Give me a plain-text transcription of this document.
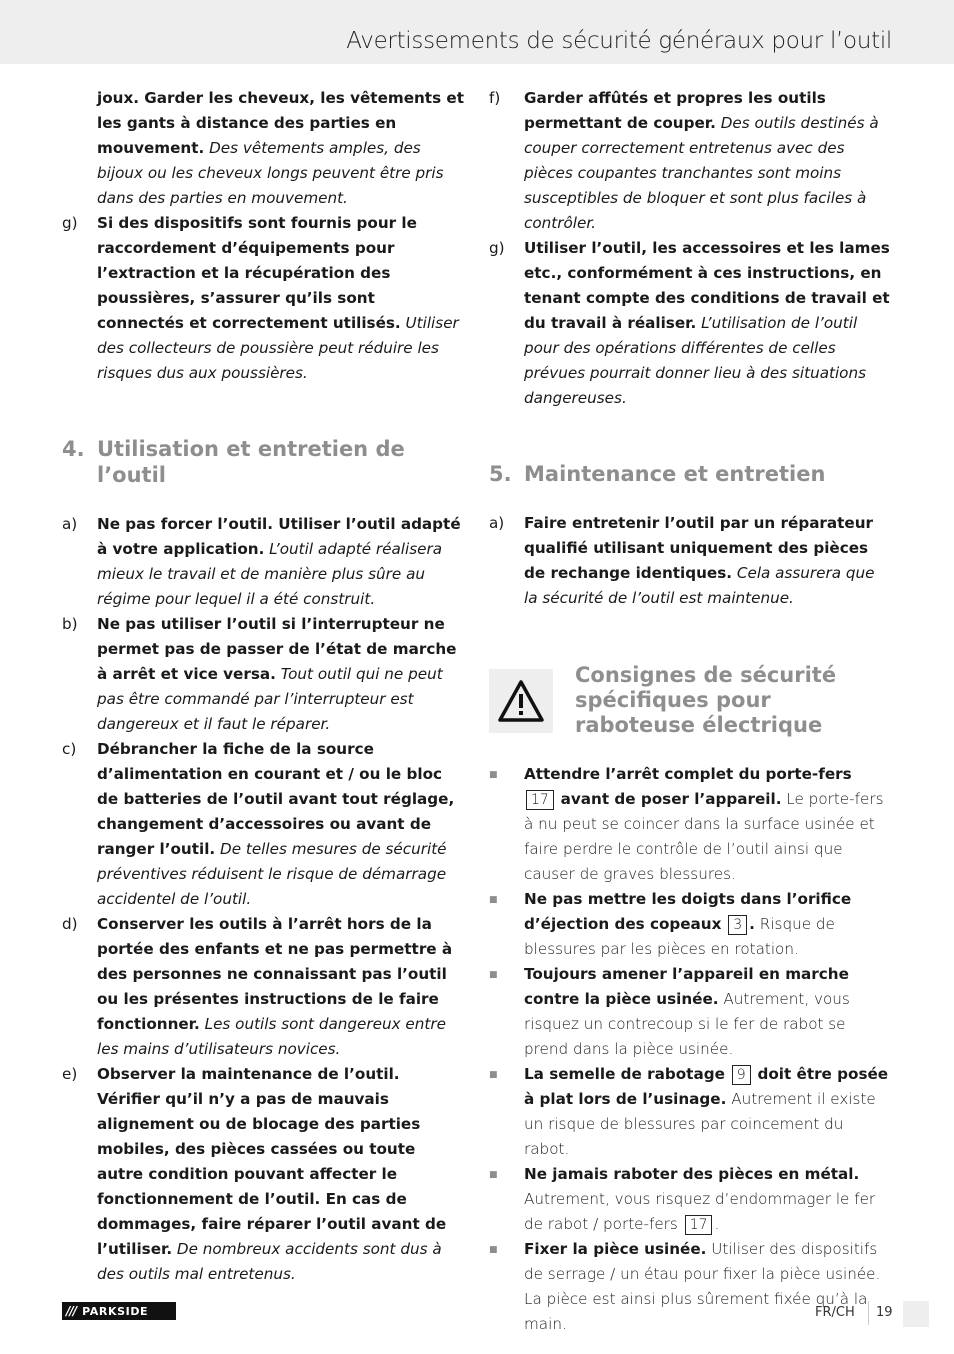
Avertissements de sécurité généraux pour l’outil
joux. Garder les cheveux, les vêtements et les gants à distance des parties en mouvement. Des vêtements amples, des bijoux ou les cheveux longs peuvent être pris dans des parties en mouvement.
g)	Si des dispositifs sont fournis pour le raccordement d’équipements pour l’extraction et la récupération des poussières, s’assurer qu’ils sont connectés et correctement utilisés. Utiliser des collecteurs de poussière peut réduire les risques dus aux poussières.
4. Utilisation et entretien de l’outil
a)	Ne pas forcer l’outil. Utiliser l’outil adapté à votre application. L’outil adapté réalisera mieux le travail et de manière plus sûre au régime pour lequel il a été construit.
b)	Ne pas utiliser l’outil si l’interrupteur ne permet pas de passer de l’état de marche à arrêt et vice versa. Tout outil qui ne peut pas être commandé par l’interrupteur est dangereux et il faut le réparer.
c)	Débrancher la fiche de la source d’alimentation en courant et / ou le bloc de batteries de l’outil avant tout réglage, changement d’accessoires ou avant de ranger l’outil. De telles mesures de sécurité préventives réduisent le risque de démarrage accidentel de l’outil.
d)	Conserver les outils à l’arrêt hors de la portée des enfants et ne pas permettre à des personnes ne connaissant pas l’outil ou les présentes instructions de le faire fonctionner. Les outils sont dangereux entre les mains d’utilisateurs novices.
e)	Observer la maintenance de l’outil. Vérifier qu’il n’y a pas de mauvais alignement ou de blocage des parties mobiles, des pièces cassées ou toute autre condition pouvant affecter le fonctionnement de l’outil. En cas de dommages, faire réparer l’outil avant de l’utiliser. De nombreux accidents sont dus à des outils mal entretenus.
f)	Garder affûtés et propres les outils permettant de couper. Des outils destinés à couper correctement entretenus avec des pièces coupantes tranchantes sont moins susceptibles de bloquer et sont plus faciles à contrôler.
g)	Utiliser l’outil, les accessoires et les lames etc., conformément à ces instructions, en tenant compte des conditions de travail et du travail à réaliser. L’utilisation de l’outil pour des opérations différentes de celles prévues pourrait donner lieu à des situations dangereuses.
5. Maintenance et entretien
a)	Faire entretenir l’outil par un réparateur qualifié utilisant uniquement des pièces de rechange identiques. Cela assurera que la sécurité de l’outil est maintenue.
Consignes de sécurité spécifiques pour raboteuse électrique
■	Attendre l’arrêt complet du porte-fers
17 avant de poser l’appareil. Le porte-fers à nu peut se coincer dans la surface usinée et faire perdre le contrôle de l’outil ainsi que causer de graves blessures.
■	Ne pas mettre les doigts dans l’orifice d’éjection des copeaux 3 . Risque de blessures par les pièces en rotation.
■	Toujours amener l’appareil en marche contre la pièce usinée. Autrement, vous risquez un contrecoup si le fer de rabot se prend dans la pièce usinée.
■	La semelle de rabotage 9 doit être posée à plat lors de l’usinage. Autrement il existe un risque de blessures par coincement du rabot.
■	Ne jamais raboter des pièces en métal. Autrement, vous risquez d’endommager le fer de rabot / porte-fers 17 .
■	Fixer la pièce usinée. Utiliser des dispositifs de serrage / un étau pour fixer la pièce usinée. La pièce est ainsi plus sûrement fixée qu’à la main.
/// PARKSIDE	FR/CH 19
